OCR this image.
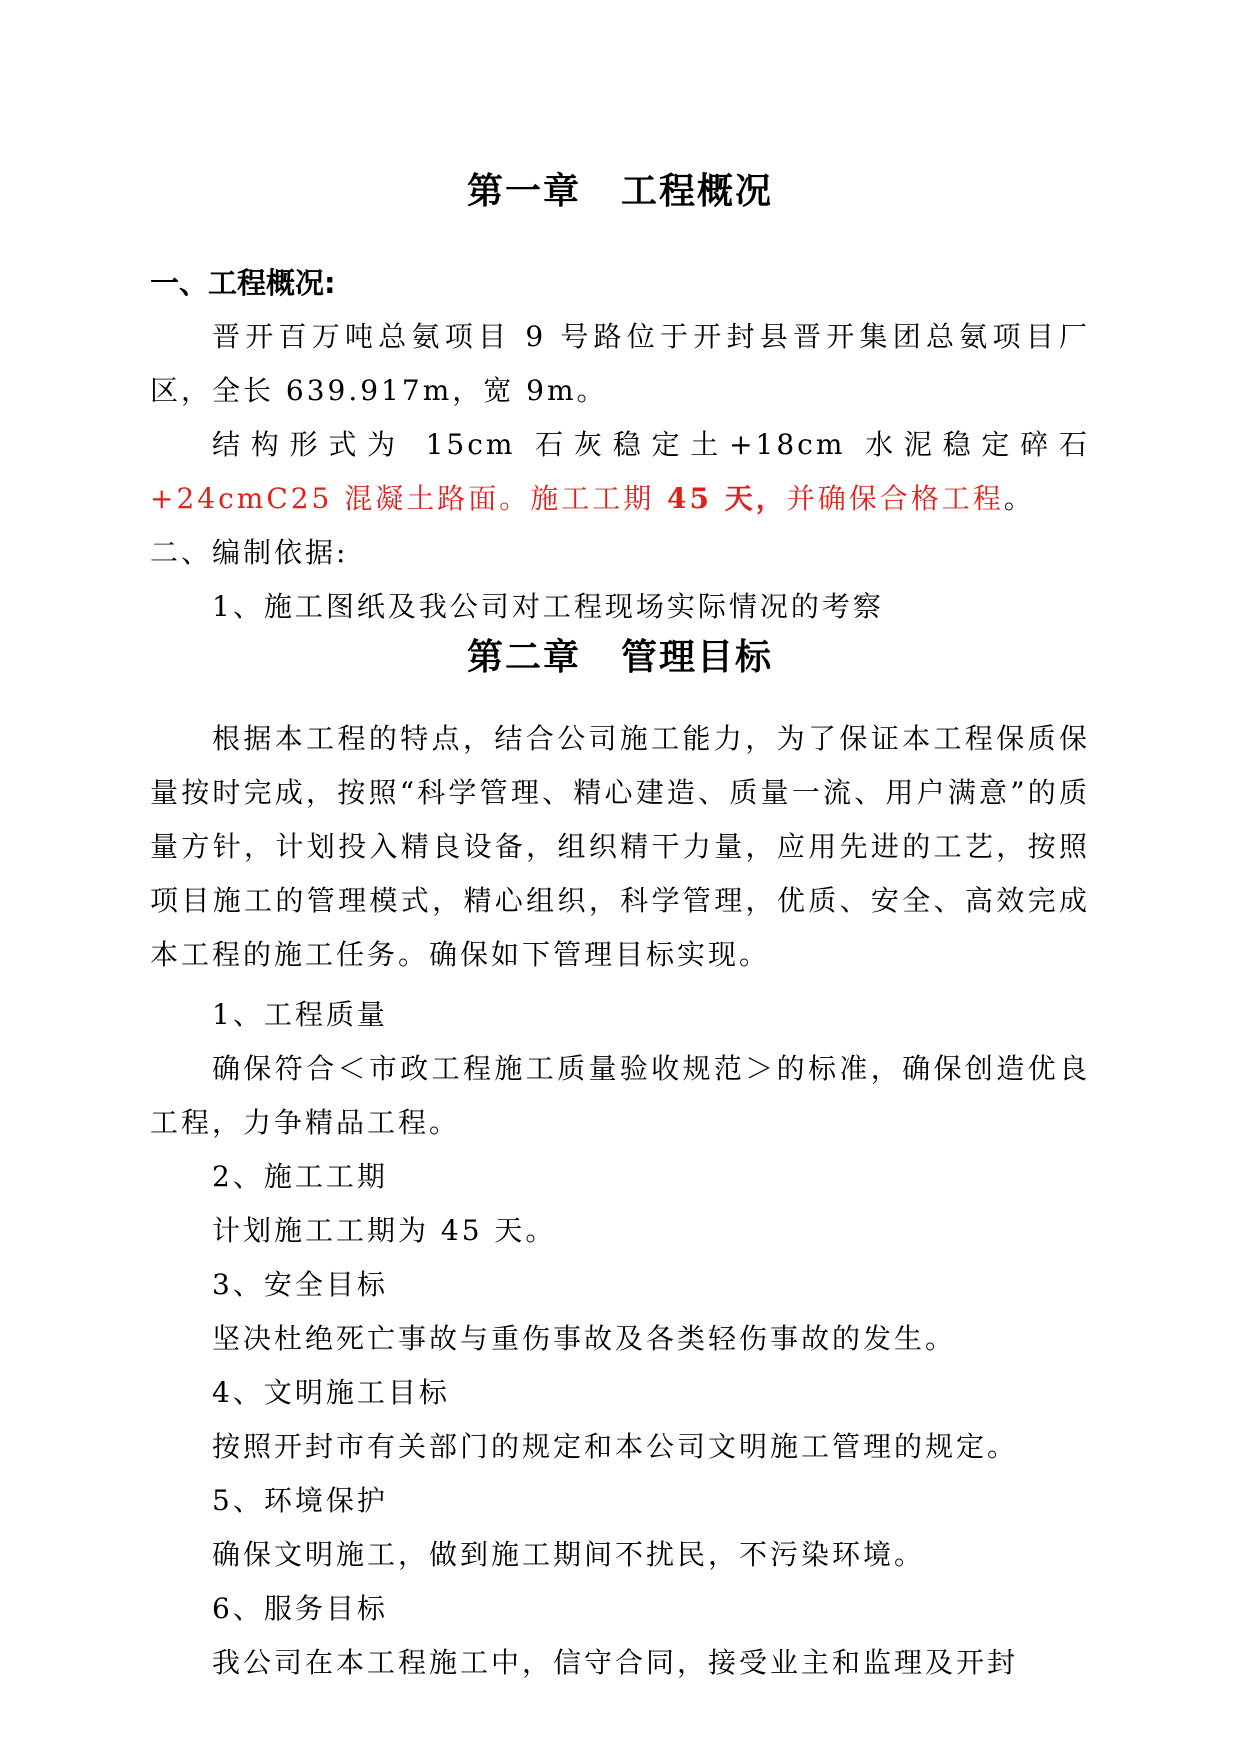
第一章 工程概况

一、工程概况:

晋开百万吨总氨项目 9 号路位于开封县晋开集团总氨项目厂区，全长 639.917m，宽 9m。

结构形式为 15cm 石灰稳定土+18cm 水泥稳定碎石+24cmC25 混凝土路面。施工工期 45 天，并确保合格工程。

二、编制依据:

1、施工图纸及我公司对工程现场实际情况的考察

第二章 管理目标

根据本工程的特点，结合公司施工能力，为了保证本工程保质保量按时完成，按照“科学管理、精心建造、质量一流、用户满意”的质量方针，计划投入精良设备，组织精干力量，应用先进的工艺，按照项目施工的管理模式，精心组织，科学管理，优质、安全、高效完成本工程的施工任务。确保如下管理目标实现。

1、工程质量

确保符合＜市政工程施工质量验收规范＞的标准，确保创造优良工程，力争精品工程。

2、施工工期

计划施工工期为 45 天。

3、安全目标

坚决杜绝死亡事故与重伤事故及各类轻伤事故的发生。

4、文明施工目标

按照开封市有关部门的规定和本公司文明施工管理的规定。

5、环境保护

确保文明施工，做到施工期间不扰民，不污染环境。

6、服务目标

我公司在本工程施工中，信守合同，接受业主和监理及开封
